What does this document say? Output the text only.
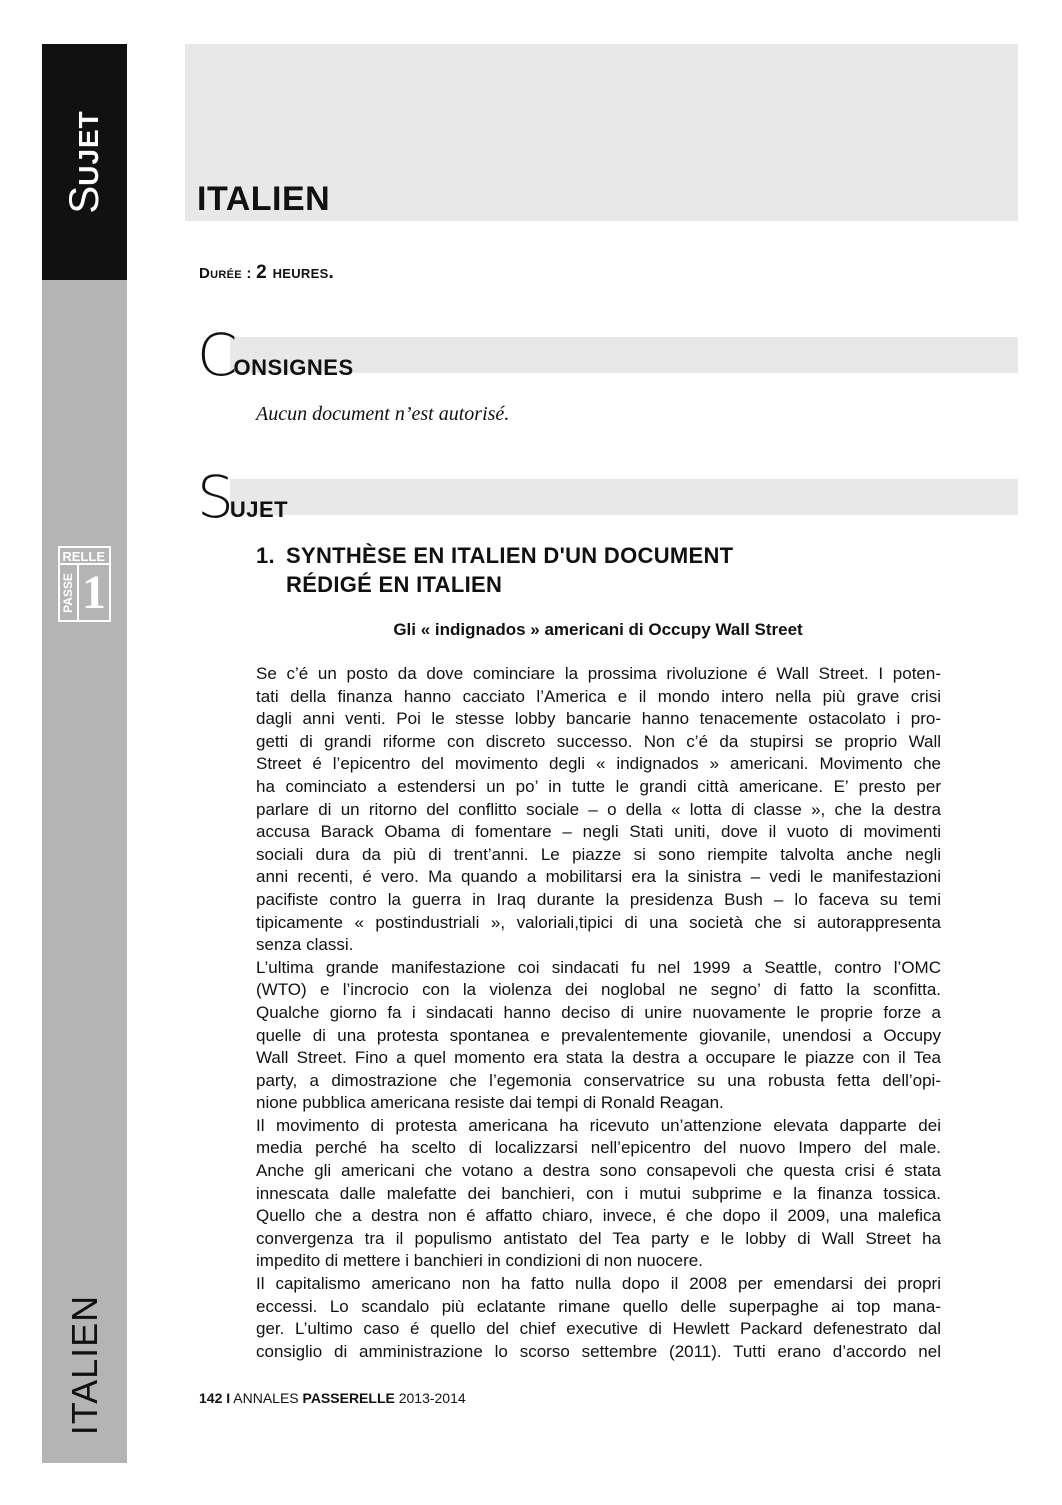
SUJET
ITALIEN
RELLE
PASSE 1
ITALIEN
Durée : 2 heures.
CONSIGNES
Aucun document n’est autorisé.
SUJET
1. SYNTHÈSE EN ITALIEN D'UN DOCUMENT
RÉDIGÉ EN ITALIEN
Gli « indignados » americani di Occupy Wall Street
Se c’é un posto da dove cominciare la prossima rivoluzione é Wall Street. I poten-
tati della finanza hanno cacciato l’America e il mondo intero nella più grave crisi
dagli anni venti. Poi le stesse lobby bancarie hanno tenacemente ostacolato i pro-
getti di grandi riforme con discreto successo. Non c’é da stupirsi se proprio Wall
Street é l’epicentro del movimento degli « indignados » americani. Movimento che
ha cominciato a estendersi un po’ in tutte le grandi città americane. E’ presto per
parlare di un ritorno del conflitto sociale – o della « lotta di classe », che la destra
accusa Barack Obama di fomentare – negli Stati uniti, dove il vuoto di movimenti
sociali dura da più di trent’anni. Le piazze si sono riempite talvolta anche negli
anni recenti, é vero. Ma quando a mobilitarsi era la sinistra – vedi le manifestazioni
pacifiste contro la guerra in Iraq durante la presidenza Bush – lo faceva su temi
tipicamente « postindustriali », valoriali,tipici di una società che si autorappresenta
senza classi.
L’ultima grande manifestazione coi sindacati fu nel 1999 a Seattle, contro l’OMC
(WTO) e l’incrocio con la violenza dei noglobal ne segno’ di fatto la sconfitta.
Qualche giorno fa i sindacati hanno deciso di unire nuovamente le proprie forze a
quelle di una protesta spontanea e prevalentemente giovanile, unendosi a Occupy
Wall Street. Fino a quel momento era stata la destra a occupare le piazze con il Tea
party, a dimostrazione che l’egemonia conservatrice su una robusta fetta dell’opi-
nione pubblica americana resiste dai tempi di Ronald Reagan.
Il movimento di protesta americana ha ricevuto un’attenzione elevata dapparte dei
media perché ha scelto di localizzarsi nell’epicentro del nuovo Impero del male.
Anche gli americani che votano a destra sono consapevoli che questa crisi é stata
innescata dalle malefatte dei banchieri, con i mutui subprime e la finanza tossica.
Quello che a destra non é affatto chiaro, invece, é che dopo il 2009, una malefica
convergenza tra il populismo antistato del Tea party e le lobby di Wall Street ha
impedito di mettere i banchieri in condizioni di non nuocere.
Il capitalismo americano non ha fatto nulla dopo il 2008 per emendarsi dei propri
eccessi. Lo scandalo più eclatante rimane quello delle superpaghe ai top mana-
ger. L’ultimo caso é quello del chief executive di Hewlett Packard defenestrato dal
consiglio di amministrazione lo scorso settembre (2011). Tutti erano d’accordo nel
142 I ANNALES PASSERELLE 2013-2014
